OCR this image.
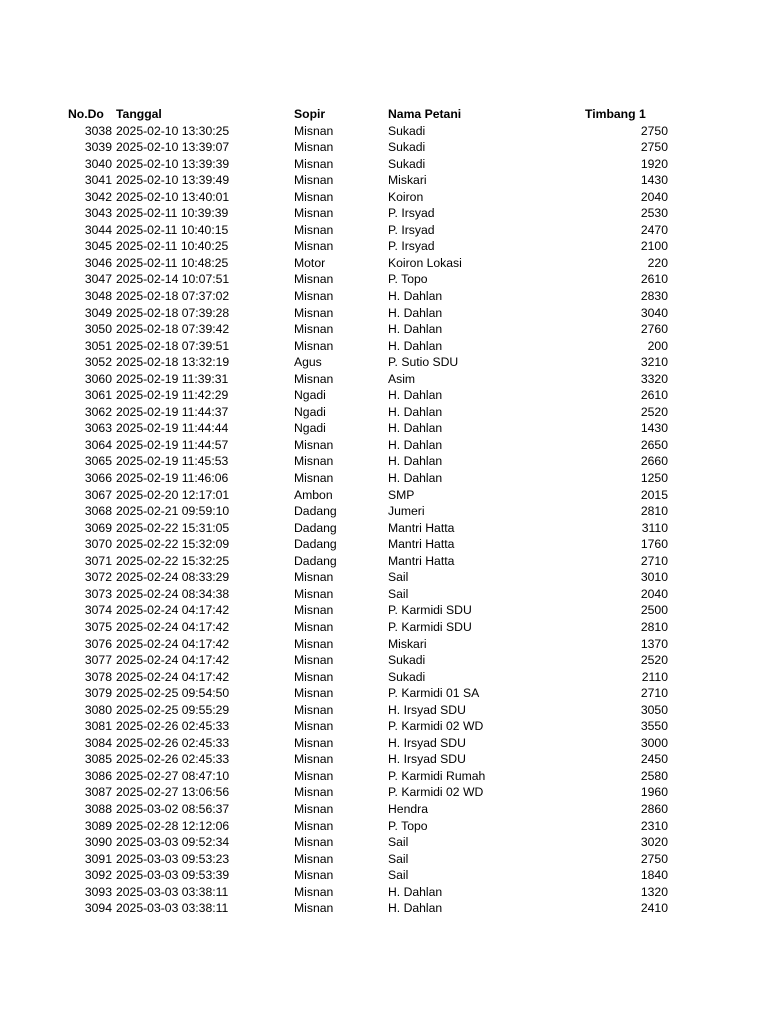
No.Do Tanggal	Sopir	Nama Petani	Timbang 1
3038 2025-02-10 13:30:25	Misnan	Sukadi	2750
3039 2025-02-10 13:39:07	Misnan	Sukadi	2750
3040 2025-02-10 13:39:39	Misnan	Sukadi	1920
3041 2025-02-10 13:39:49	Misnan	Miskari	1430
3042 2025-02-10 13:40:01	Misnan	Koiron	2040
3043 2025-02-11 10:39:39	Misnan	P. Irsyad	2530
3044 2025-02-11 10:40:15	Misnan	P. Irsyad	2470
3045 2025-02-11 10:40:25	Misnan	P. Irsyad	2100
3046 2025-02-11 10:48:25	Motor	Koiron Lokasi	220
3047 2025-02-14 10:07:51	Misnan	P. Topo	2610
3048 2025-02-18 07:37:02	Misnan	H. Dahlan	2830
3049 2025-02-18 07:39:28	Misnan	H. Dahlan	3040
3050 2025-02-18 07:39:42	Misnan	H. Dahlan	2760
3051 2025-02-18 07:39:51	Misnan	H. Dahlan	200
3052 2025-02-18 13:32:19	Agus	P. Sutio SDU	3210
3060 2025-02-19 11:39:31	Misnan	Asim	3320
3061 2025-02-19 11:42:29	Ngadi	H. Dahlan	2610
3062 2025-02-19 11:44:37	Ngadi	H. Dahlan	2520
3063 2025-02-19 11:44:44	Ngadi	H. Dahlan	1430
3064 2025-02-19 11:44:57	Misnan	H. Dahlan	2650
3065 2025-02-19 11:45:53	Misnan	H. Dahlan	2660
3066 2025-02-19 11:46:06	Misnan	H. Dahlan	1250
3067 2025-02-20 12:17:01	Ambon	SMP	2015
3068 2025-02-21 09:59:10	Dadang	Jumeri	2810
3069 2025-02-22 15:31:05	Dadang	Mantri Hatta	3110
3070 2025-02-22 15:32:09	Dadang	Mantri Hatta	1760
3071 2025-02-22 15:32:25	Dadang	Mantri Hatta	2710
3072 2025-02-24 08:33:29	Misnan	Sail	3010
3073 2025-02-24 08:34:38	Misnan	Sail	2040
3074 2025-02-24 04:17:42	Misnan	P. Karmidi SDU	2500
3075 2025-02-24 04:17:42	Misnan	P. Karmidi SDU	2810
3076 2025-02-24 04:17:42	Misnan	Miskari	1370
3077 2025-02-24 04:17:42	Misnan	Sukadi	2520
3078 2025-02-24 04:17:42	Misnan	Sukadi	2110
3079 2025-02-25 09:54:50	Misnan	P. Karmidi 01 SA	2710
3080 2025-02-25 09:55:29	Misnan	H. Irsyad SDU	3050
3081 2025-02-26 02:45:33	Misnan	P. Karmidi 02 WD	3550
3084 2025-02-26 02:45:33	Misnan	H. Irsyad SDU	3000
3085 2025-02-26 02:45:33	Misnan	H. Irsyad SDU	2450
3086 2025-02-27 08:47:10	Misnan	P. Karmidi Rumah	2580
3087 2025-02-27 13:06:56	Misnan	P. Karmidi 02 WD	1960
3088 2025-03-02 08:56:37	Misnan	Hendra	2860
3089 2025-02-28 12:12:06	Misnan	P. Topo	2310
3090 2025-03-03 09:52:34	Misnan	Sail	3020
3091 2025-03-03 09:53:23	Misnan	Sail	2750
3092 2025-03-03 09:53:39	Misnan	Sail	1840
3093 2025-03-03 03:38:11	Misnan	H. Dahlan	1320
3094 2025-03-03 03:38:11	Misnan	H. Dahlan	2410
